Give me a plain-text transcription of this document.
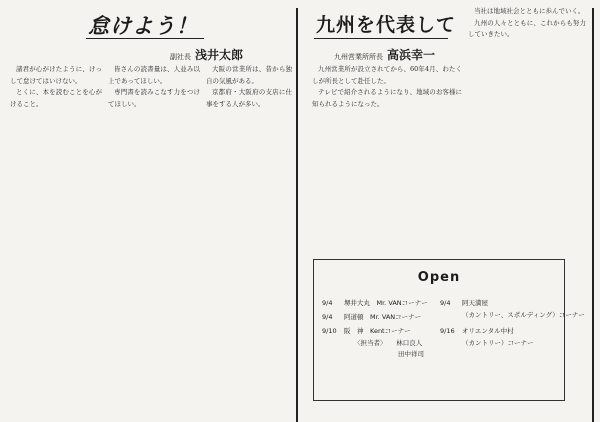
怠けよう！
副社長 浅井太郎

諸君が心がけたように、けっして怠けてはいけない。

とくに、本を読むことを心がけること。

皆さんの読書量は、人並み以上であってほしい。

専門書を読みこなす力をつけてほしい。

大阪の営業所は、昔から独自の気風がある。

京都府・大阪府の支店に仕事をする人が多い。

九州を代表して
九州営業所所長 高浜幸一

九州営業所が設立されてから、60年4月、わたくしが所長として赴任した。

テレビで紹介されるようになり、地域のお客様に知られるようになった。

当社は地域社会とともに歩んでいく。

九州の人々とともに、これからも努力していきたい。

Open
9/4 堺井大丸　Mr. VANコーナー
9/4 阿道頓　Mr. VANコーナー
9/10 阪　神　Kentコーナー
〈担当者〉　　林口良人
田中祥司
9/4 阿天満屋
（カントリー、スポルディング）コーナー
9/16 オリエンタル中村
（カントリー）コーナー
